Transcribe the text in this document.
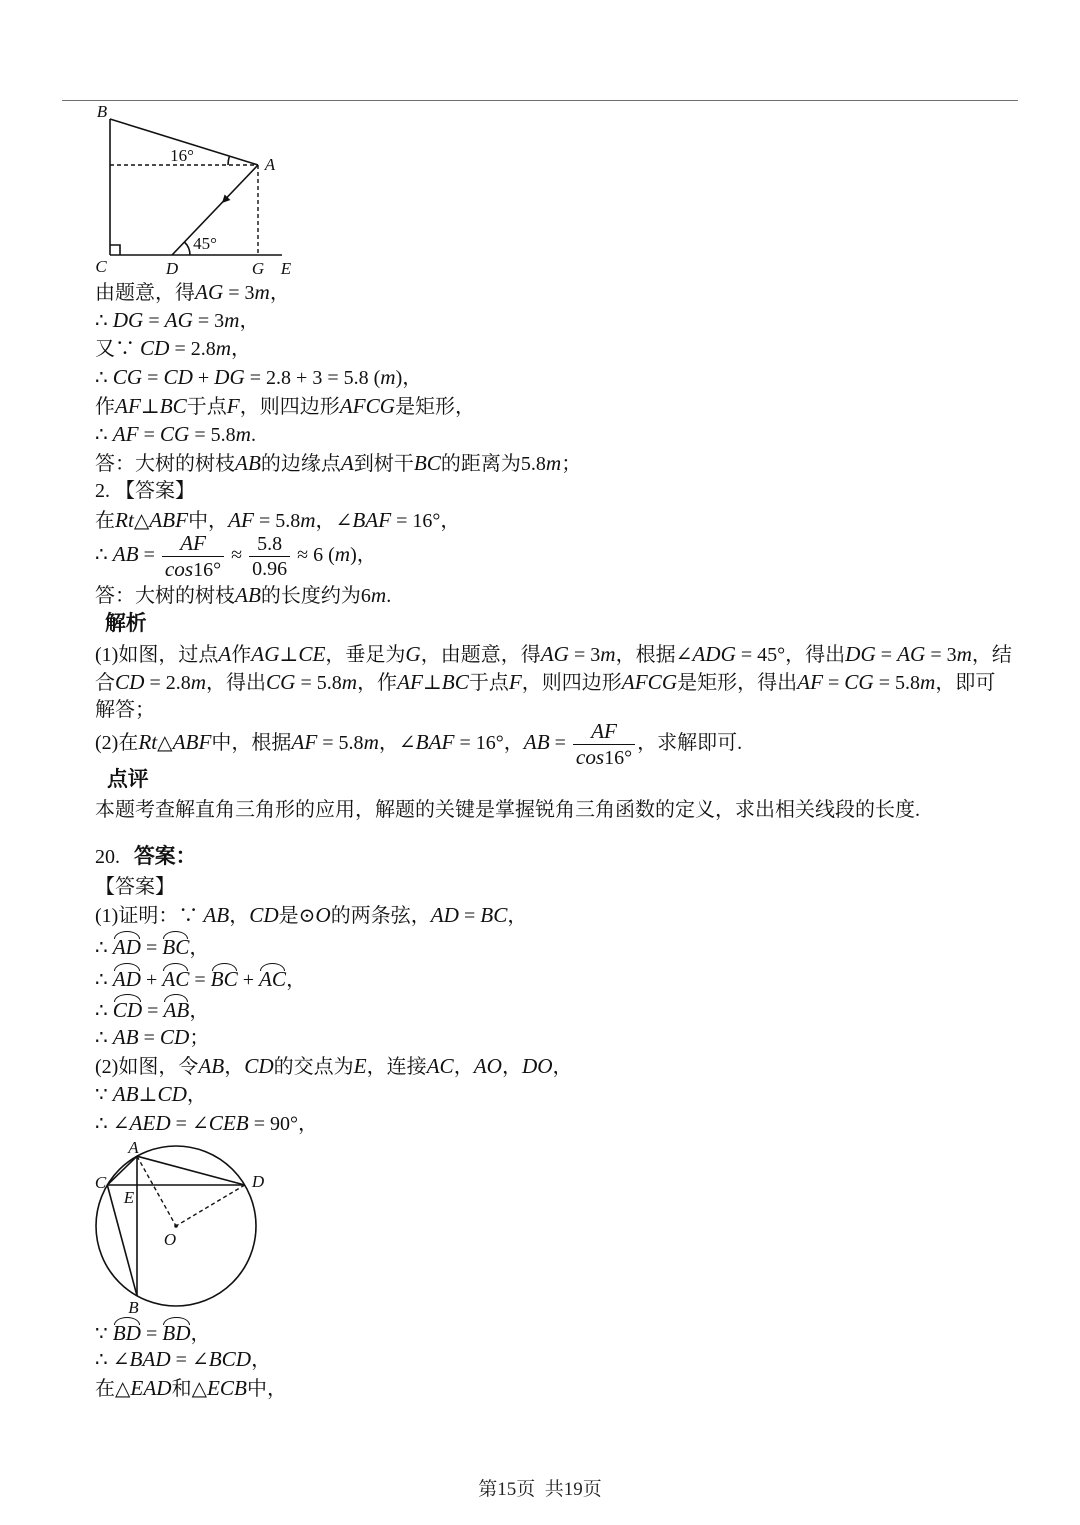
B
A
C	D	G E
16°
45°
由题意，得AG = 3m，
∴ DG = AG = 3m，
又∵ CD = 2.8m，
∴ CG = CD + DG = 2.8 + 3 = 5.8 (m)，
作AF⊥BC于点F，则四边形AFCG是矩形，
∴ AF = CG = 5.8m.
答：大树的树枝AB的边缘点A到树干BC的距离为5.8m；
2. 【答案】
在Rt△ABF中，AF = 5.8m，∠BAF = 16°，
∴ AB = $\frac{AF}{\cos 16^\circ} \approx \frac{5.8}{0.96} \approx 6$ (m)，
答：大树的树枝AB的长度约为6m.
解析
(1)如图，过点A作AG⊥CE，垂足为G，由题意，得AG = 3m，根据∠ADG = 45°，得出DG = AG = 3m，结
合CD = 2.8m，得出CG = 5.8m，作AF⊥BC于点F，则四边形AFCG是矩形，得出AF = CG = 5.8m，即可
解答；
(2)在Rt△ABF中，根据AF = 5.8m，∠BAF = 16°，AB = $\frac{AF}{\cos 16^\circ}$ ，求解即可.
点评
本题考查解直角三角形的应用，解题的关键是掌握锐角三角函数的定义，求出相关线段的长度.
20.  答案：
【答案】
(1)证明：∵ AB，CD是⊙O的两条弦，AD = BC，
∴ AD = BC，
∴ AD + AC = BC + AC，
∴ CD = AB，
∴ AB = CD；
(2)如图，令AB，CD的交点为E，连接AC，AO，DO，
∵ AB⊥CD，
∴ ∠AED = ∠CEB = 90°，
∵ BD = BD，
∴ ∠BAD = ∠BCD，
在△EAD和△ECB中，
A
C	D
E
O
B
第15页  共19页
